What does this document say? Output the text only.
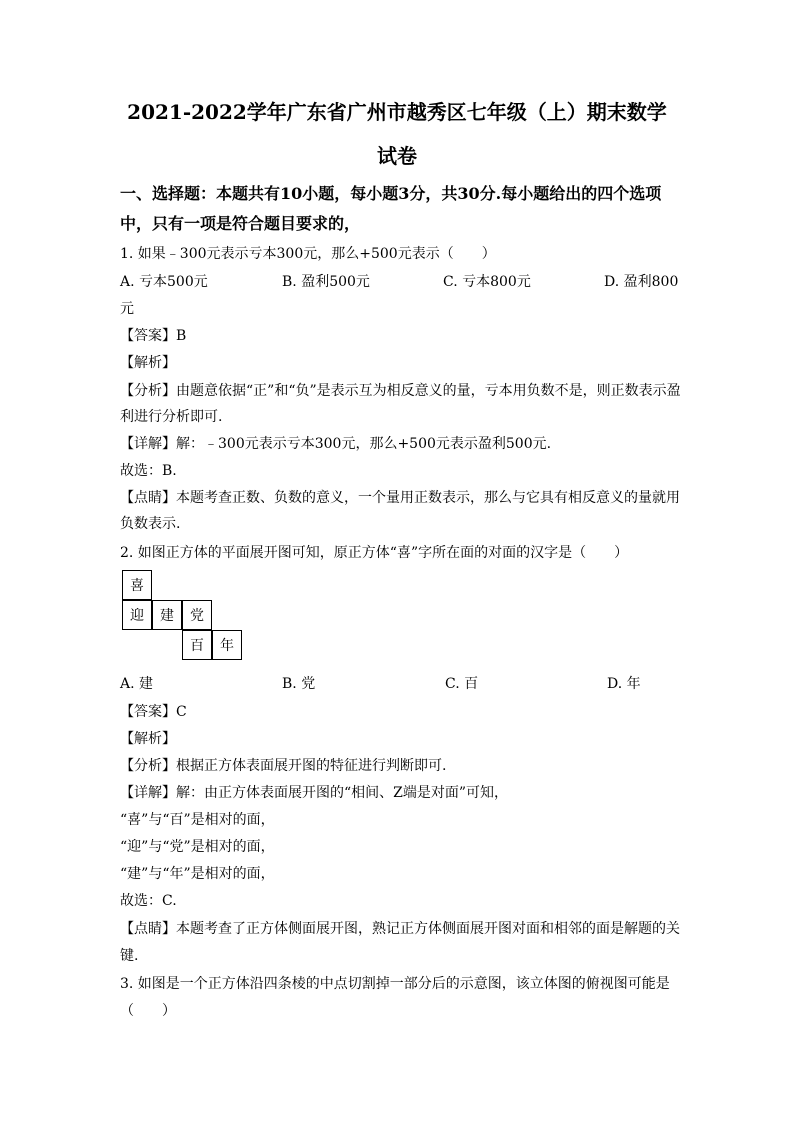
2021-2022学年广东省广州市越秀区七年级（上）期末数学
试卷
一、选择题：本题共有10小题，每小题3分，共30分.每小题给出的四个选项
中，只有一项是符合题目要求的，
1. 如果﹣300元表示亏本300元，那么+500元表示（　　）
A. 亏本500元	B. 盈利500元	C. 亏本800元	D. 盈利800
元
【答案】B
【解析】
【分析】由题意依据“正”和“负”是表示互为相反意义的量，亏本用负数不是，则正数表示盈
利进行分析即可.
【详解】解：﹣300元表示亏本300元，那么+500元表示盈利500元.
故选：B.
【点睛】本题考查正数、负数的意义，一个量用正数表示，那么与它具有相反意义的量就用
负数表示.
2. 如图正方体的平面展开图可知，原正方体“喜”字所在面的对面的汉字是（　　）
喜
迎	建	党
百	年
A. 建	B. 党	C. 百	D. 年
【答案】C
【解析】
【分析】根据正方体表面展开图的特征进行判断即可.
【详解】解：由正方体表面展开图的“相间、Z端是对面”可知，
“喜”与“百”是相对的面，
“迎”与“党”是相对的面，
“建”与“年”是相对的面，
故选：C.
【点睛】本题考查了正方体侧面展开图，熟记正方体侧面展开图对面和相邻的面是解题的关
键.
3. 如图是一个正方体沿四条棱的中点切割掉一部分后的示意图，该立体图的俯视图可能是
（　　）
